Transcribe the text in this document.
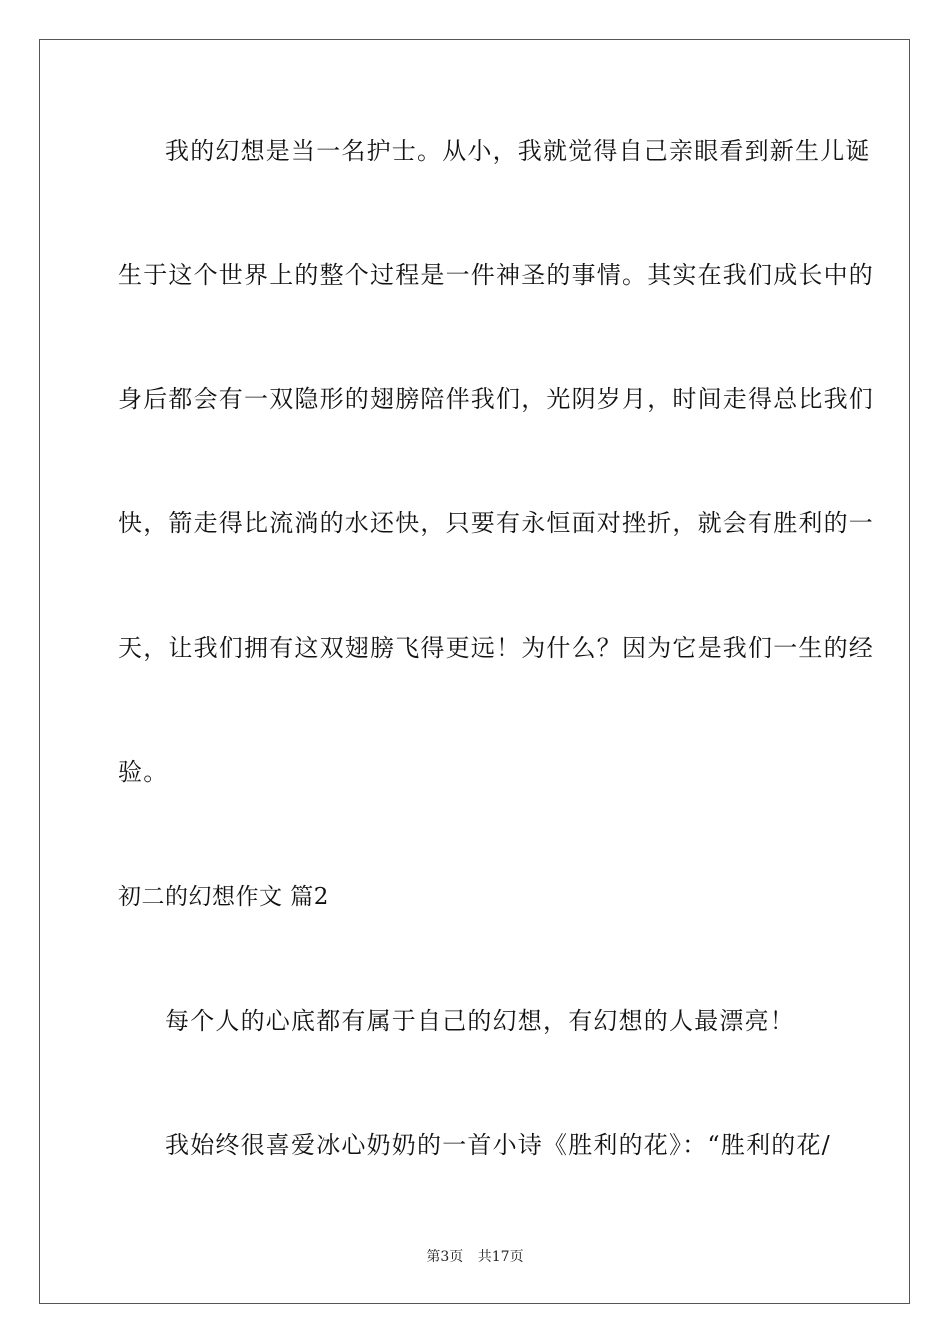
我的幻想是当一名护士。从小，我就觉得自己亲眼看到新生儿诞
生于这个世界上的整个过程是一件神圣的事情。其实在我们成长中的
身后都会有一双隐形的翅膀陪伴我们，光阴岁月，时间走得总比我们
快，箭走得比流淌的水还快，只要有永恒面对挫折，就会有胜利的一
天，让我们拥有这双翅膀飞得更远！为什么？因为它是我们一生的经
验。
初二的幻想作文 篇2
每个人的心底都有属于自己的幻想，有幻想的人最漂亮！
我始终很喜爱冰心奶奶的一首小诗《胜利的花》：“胜利的花/
第3页 共17页
